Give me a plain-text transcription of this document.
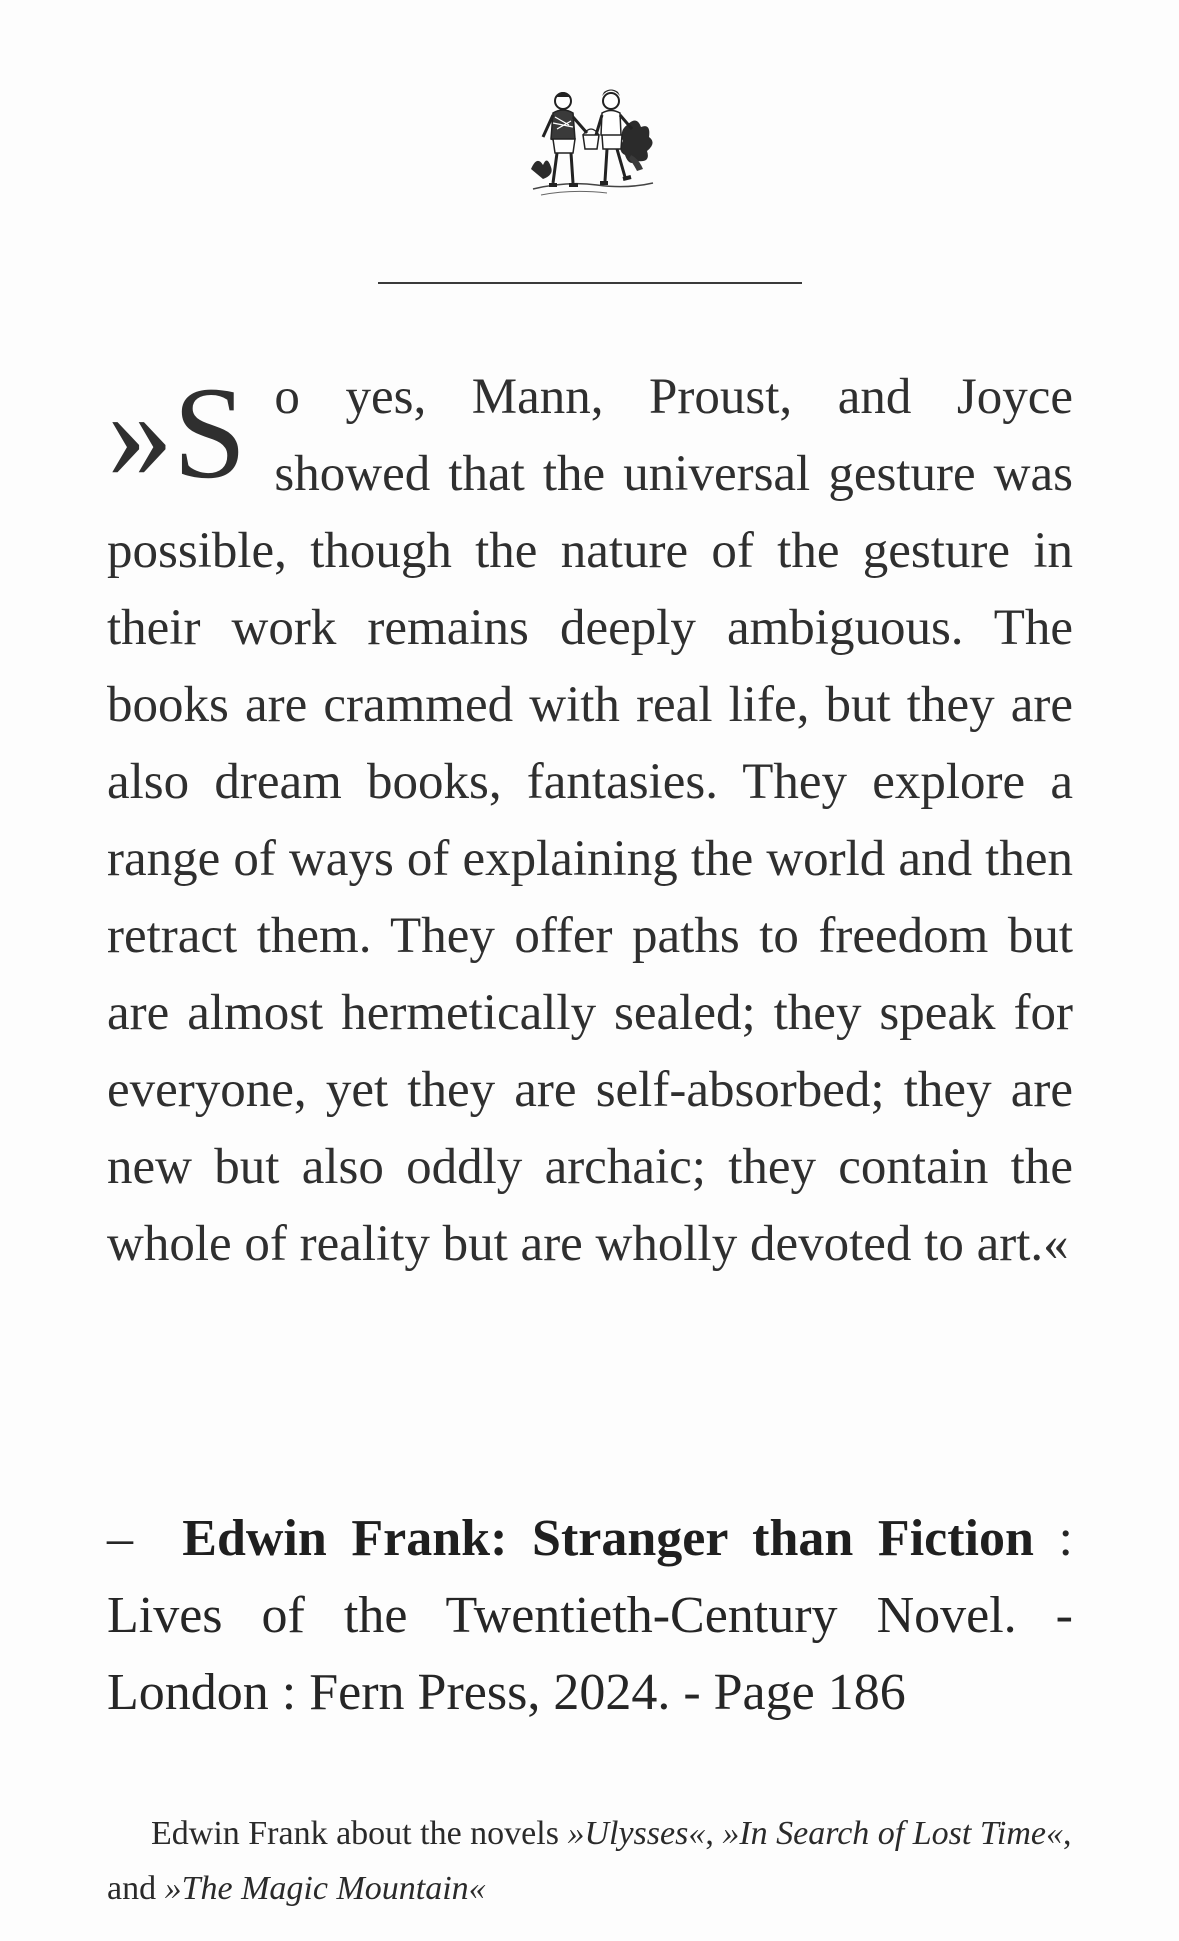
»S o yes, Mann, Proust, and Joyce showed that the universal gesture was possible, though the nature of the gesture in their work remains deeply ambiguous. The books are crammed with real life, but they are also dream books, fantasies. They explore a range of ways of explaining the world and then retract them. They offer paths to freedom but are almost hermetically sealed; they speak for everyone, yet they are self-absorbed; they are new but also oddly archaic; they contain the whole of reality but are wholly devoted to art.«
– Edwin Frank: Stranger than Fiction : Lives of the Twentieth-Century Novel. - London : Fern Press, 2024. - Page 186
Edwin Frank about the novels »Ulysses«, »In Search of Lost Time«, and »The Magic Mountain«
